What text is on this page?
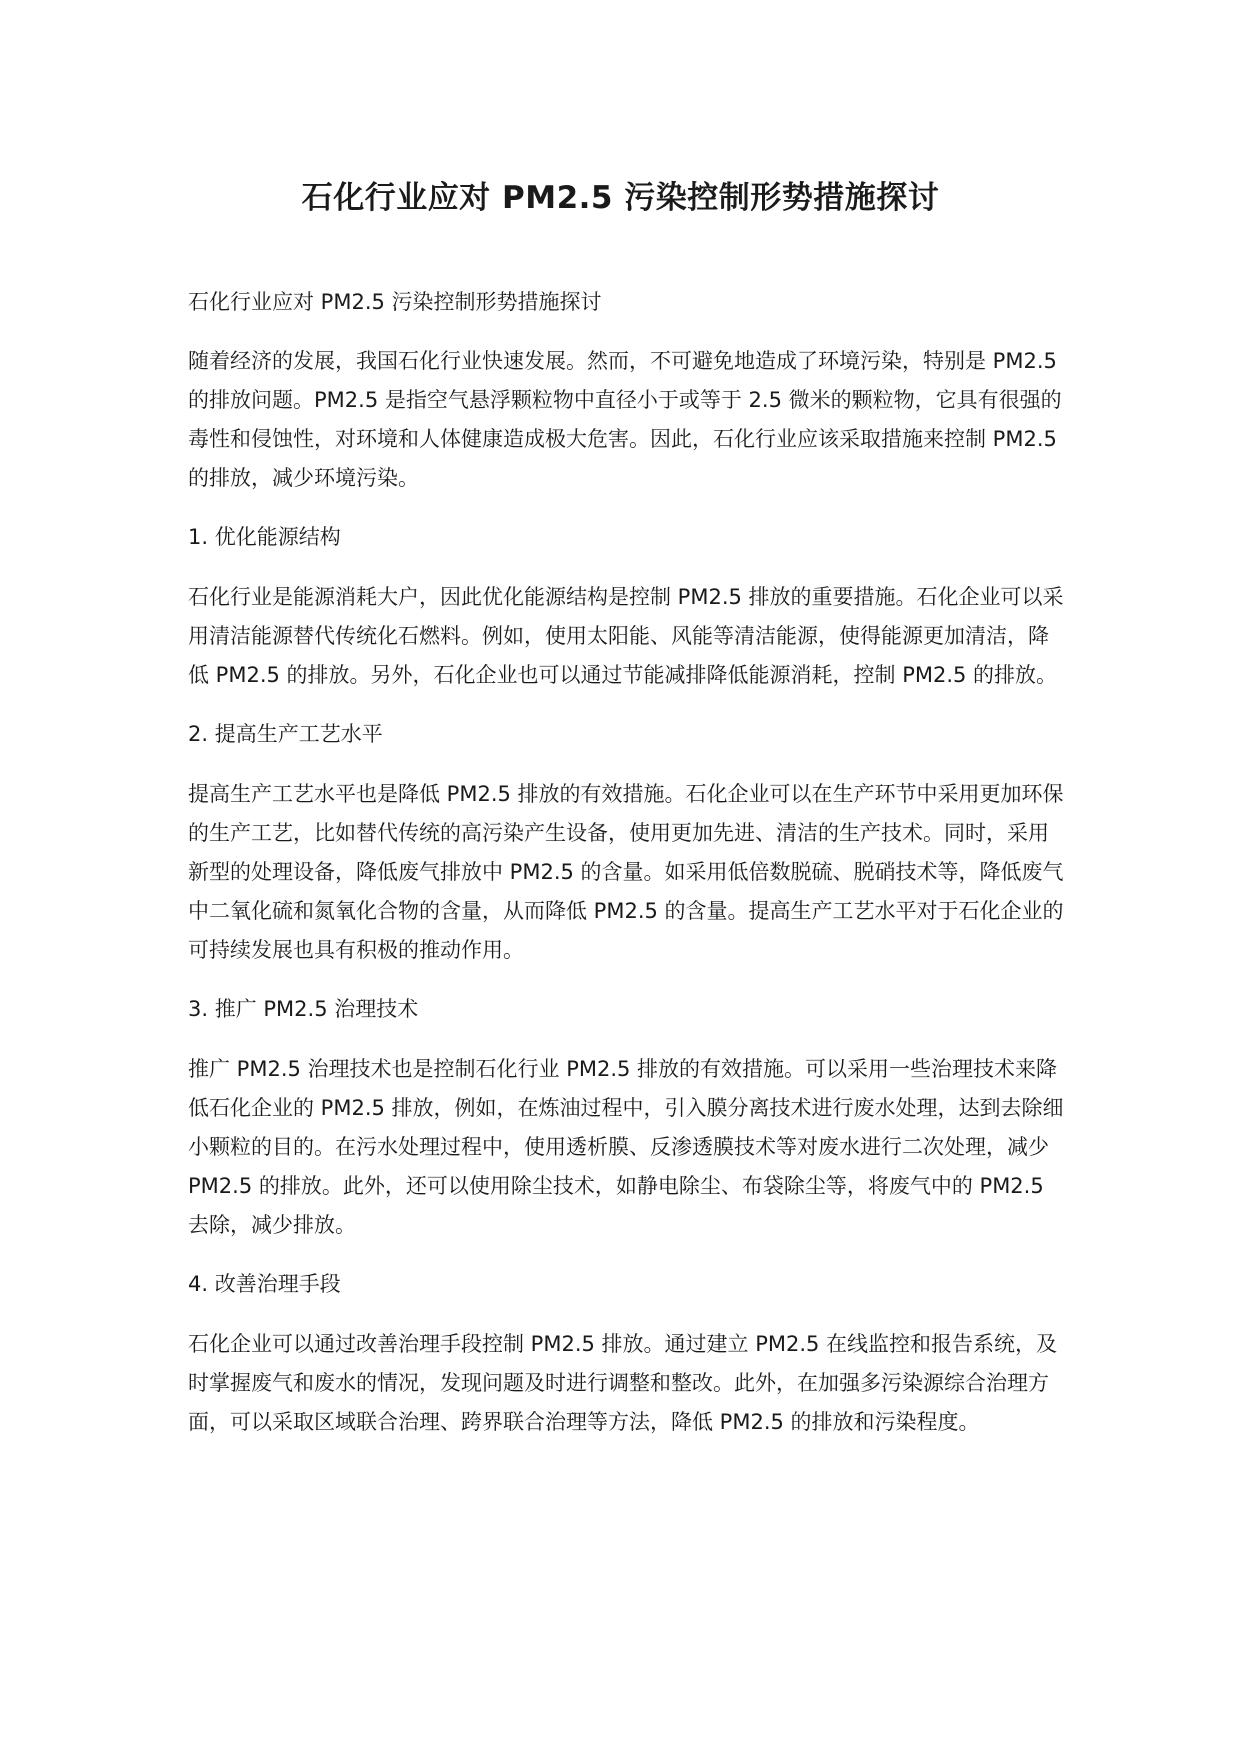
石化行业应对 PM2.5 污染控制形势措施探讨

石化行业应对 PM2.5 污染控制形势措施探讨

随着经济的发展，我国石化行业快速发展。然而，不可避免地造成了环境污染，特别是 PM2.5 的排放问题。PM2.5 是指空气悬浮颗粒物中直径小于或等于 2.5 微米的颗粒物，它具有很强的毒性和侵蚀性，对环境和人体健康造成极大危害。因此，石化行业应该采取措施来控制 PM2.5 的排放，减少环境污染。

1. 优化能源结构

石化行业是能源消耗大户，因此优化能源结构是控制 PM2.5 排放的重要措施。石化企业可以采用清洁能源替代传统化石燃料。例如，使用太阳能、风能等清洁能源，使得能源更加清洁，降低 PM2.5 的排放。另外，石化企业也可以通过节能减排降低能源消耗，控制 PM2.5 的排放。

2. 提高生产工艺水平

提高生产工艺水平也是降低 PM2.5 排放的有效措施。石化企业可以在生产环节中采用更加环保的生产工艺，比如替代传统的高污染产生设备，使用更加先进、清洁的生产技术。同时，采用新型的处理设备，降低废气排放中 PM2.5 的含量。如采用低倍数脱硫、脱硝技术等，降低废气中二氧化硫和氮氧化合物的含量，从而降低 PM2.5 的含量。提高生产工艺水平对于石化企业的可持续发展也具有积极的推动作用。

3. 推广 PM2.5 治理技术

推广 PM2.5 治理技术也是控制石化行业 PM2.5 排放的有效措施。可以采用一些治理技术来降低石化企业的 PM2.5 排放，例如，在炼油过程中，引入膜分离技术进行废水处理，达到去除细小颗粒的目的。在污水处理过程中，使用透析膜、反渗透膜技术等对废水进行二次处理，减少 PM2.5 的排放。此外，还可以使用除尘技术，如静电除尘、布袋除尘等，将废气中的 PM2.5 去除，减少排放。

4. 改善治理手段

石化企业可以通过改善治理手段控制 PM2.5 排放。通过建立 PM2.5 在线监控和报告系统，及时掌握废气和废水的情况，发现问题及时进行调整和整改。此外，在加强多污染源综合治理方面，可以采取区域联合治理、跨界联合治理等方法，降低 PM2.5 的排放和污染程度。
